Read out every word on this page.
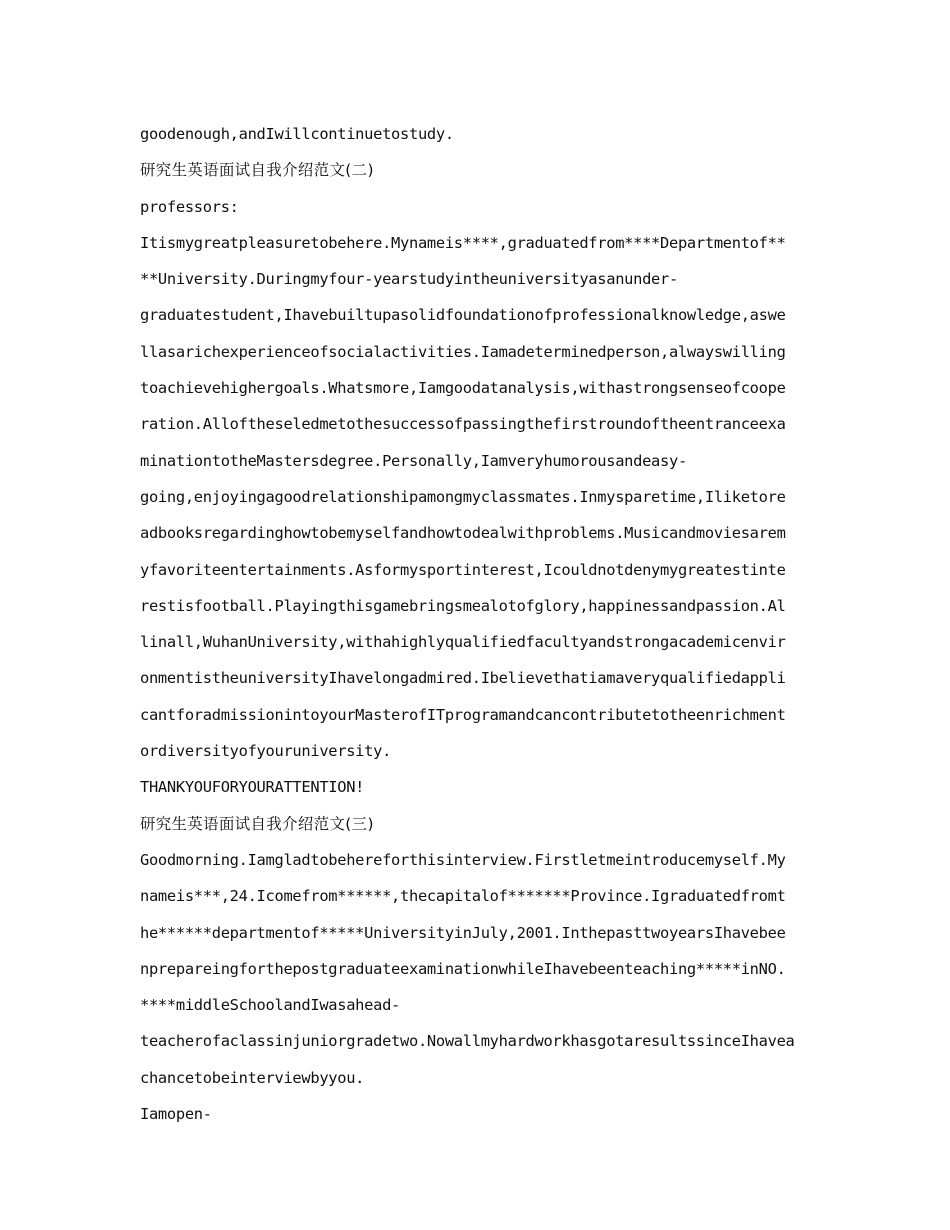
goodenough,andIwillcontinuetostudy.
研究生英语面试自我介绍范文(二)
professors:
Itismygreatpleasuretobehere.Mynameis****,graduatedfrom****Departmentof**
**University.Duringmyfour-yearstudyintheuniversityasanunder-
graduatestudent,Ihavebuiltupasolidfoundationofprofessionalknowledge,aswe
llasarichexperienceofsocialactivities.Iamadeterminedperson,alwayswilling
toachievehighergoals.Whatsmore,Iamgoodatanalysis,withastrongsenseofcoope
ration.Alloftheseledmetothesuccessofpassingthefirstroundoftheentranceexa
minationtotheMastersdegree.Personally,Iamveryhumorousandeasy-
going,enjoyingagoodrelationshipamongmyclassmates.Inmysparetime,Iliketore
adbooksregardinghowtobemyselfandhowtodealwithproblems.Musicandmoviesarem
yfavoriteentertainments.Asformysportinterest,Icouldnotdenymygreatestinte
restisfootball.Playingthisgamebringsmealotofglory,happinessandpassion.Al
linall,WuhanUniversity,withahighlyqualifiedfacultyandstrongacademicenvir
onmentistheuniversityIhavelongadmired.Ibelievethatiamaveryqualifiedappli
cantforadmissionintoyourMasterofITprogramandcancontributetotheenrichment
ordiversityofyouruniversity.
THANKYOUFORYOURATTENTION!
研究生英语面试自我介绍范文(三)
Goodmorning.Iamgladtobehereforthisinterview.Firstletmeintroducemyself.My
nameis***,24.Icomefrom******,thecapitalof*******Province.Igraduatedfromt
he******departmentof*****UniversityinJuly,2001.InthepasttwoyearsIhavebee
nprepareingforthepostgraduateexaminationwhileIhavebeenteaching*****inNO.
****middleSchoolandIwasahead-
teacherofaclassinjuniorgradetwo.NowallmyhardworkhasgotaresultssinceIhavea
chancetobeinterviewbyyou.
Iamopen-
